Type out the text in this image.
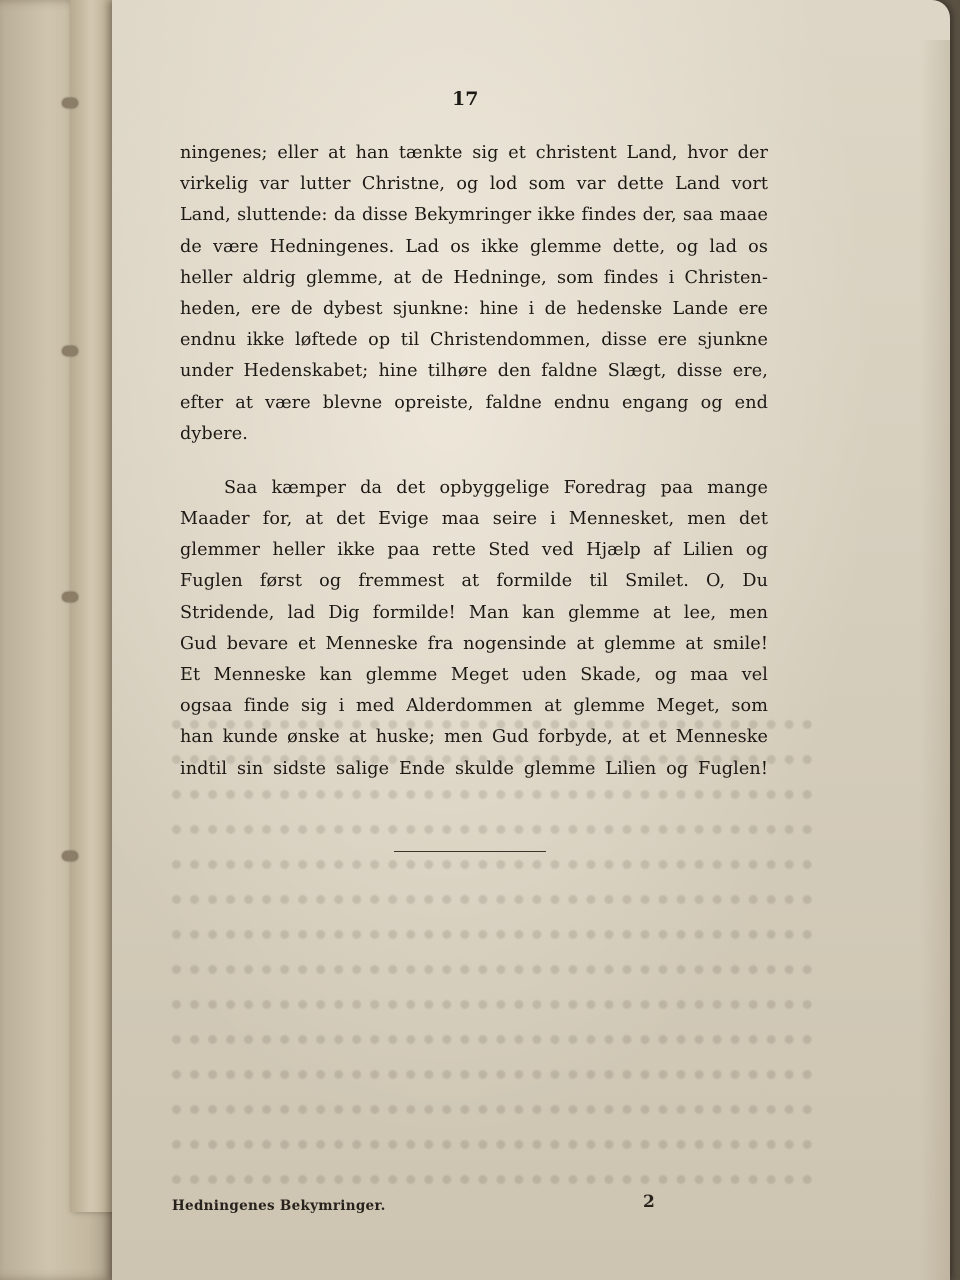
17
ningenes; eller at han tænkte sig et christent Land, hvor der
virkelig var lutter Christne, og lod som var dette Land vort
Land, sluttende: da disse Bekymringer ikke findes der, saa maae
de være Hedningenes. Lad os ikke glemme dette, og lad os
heller aldrig glemme, at de Hedninge, som findes i Christen-
heden, ere de dybest sjunkne: hine i de hedenske Lande ere
endnu ikke løftede op til Christendommen, disse ere sjunkne
under Hedenskabet; hine tilhøre den faldne Slægt, disse ere,
efter at være blevne opreiste, faldne endnu engang og end
dybere.
Saa kæmper da det opbyggelige Foredrag paa mange
Maader for, at det Evige maa seire i Mennesket, men det
glemmer heller ikke paa rette Sted ved Hjælp af Lilien og
Fuglen først og fremmest at formilde til Smilet. O, Du
Stridende, lad Dig formilde! Man kan glemme at lee, men
Gud bevare et Menneske fra nogensinde at glemme at smile!
Et Menneske kan glemme Meget uden Skade, og maa vel
ogsaa finde sig i med Alderdommen at glemme Meget, som
han kunde ønske at huske; men Gud forbyde, at et Menneske
indtil sin sidste salige Ende skulde glemme Lilien og Fuglen!
Hedningenes Bekymringer.	2
